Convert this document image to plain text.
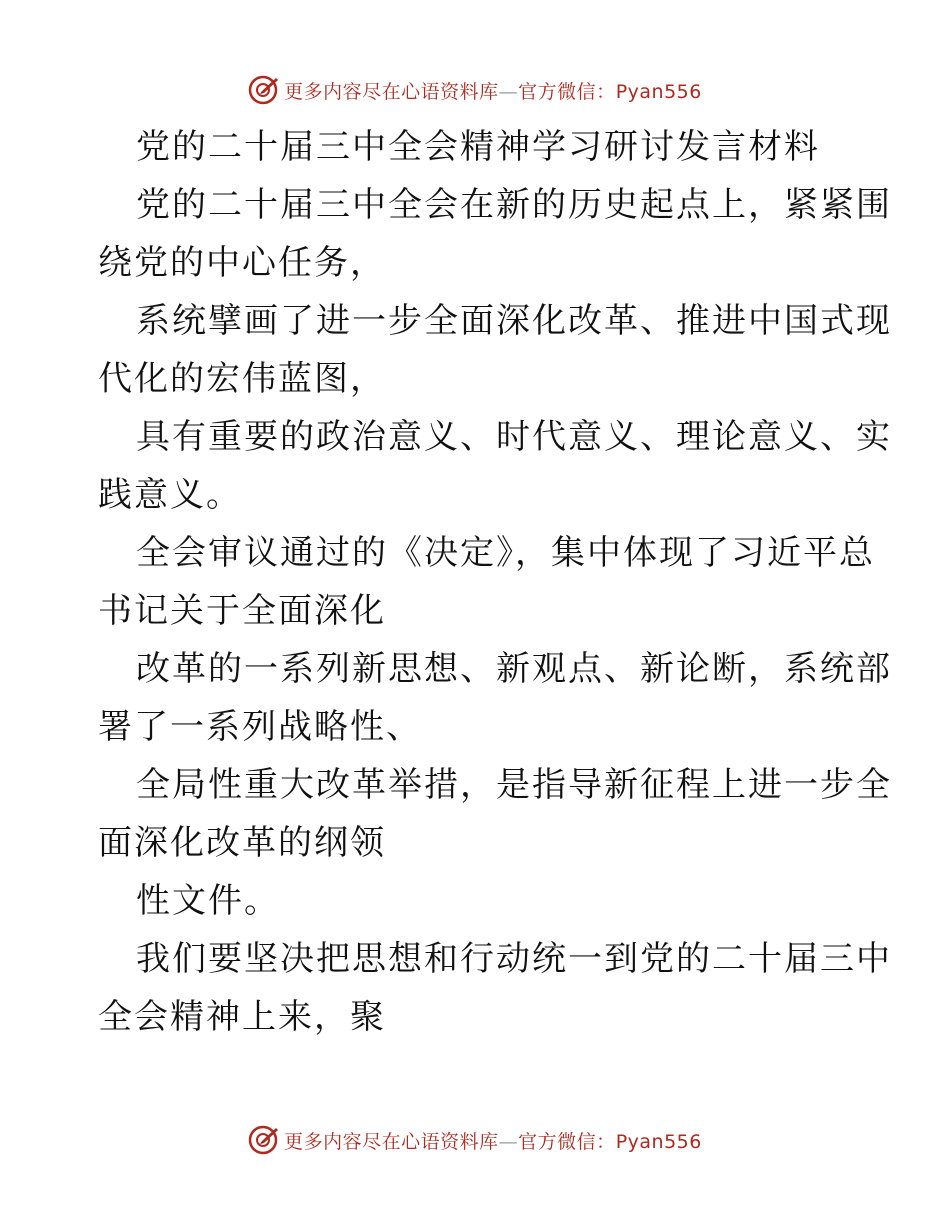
更多内容尽在心语资料库—官方微信：Pyan556
党的二十届三中全会精神学习研讨发言材料
党的二十届三中全会在新的历史起点上，紧紧围
绕党的中心任务，
系统擘画了进一步全面深化改革、推进中国式现
代化的宏伟蓝图，
具有重要的政治意义、时代意义、理论意义、实
践意义。
全会审议通过的《决定》，集中体现了习近平总
书记关于全面深化
改革的一系列新思想、新观点、新论断，系统部
署了一系列战略性、
全局性重大改革举措，是指导新征程上进一步全
面深化改革的纲领
性文件。
我们要坚决把思想和行动统一到党的二十届三中
全会精神上来，聚
更多内容尽在心语资料库—官方微信：Pyan556
